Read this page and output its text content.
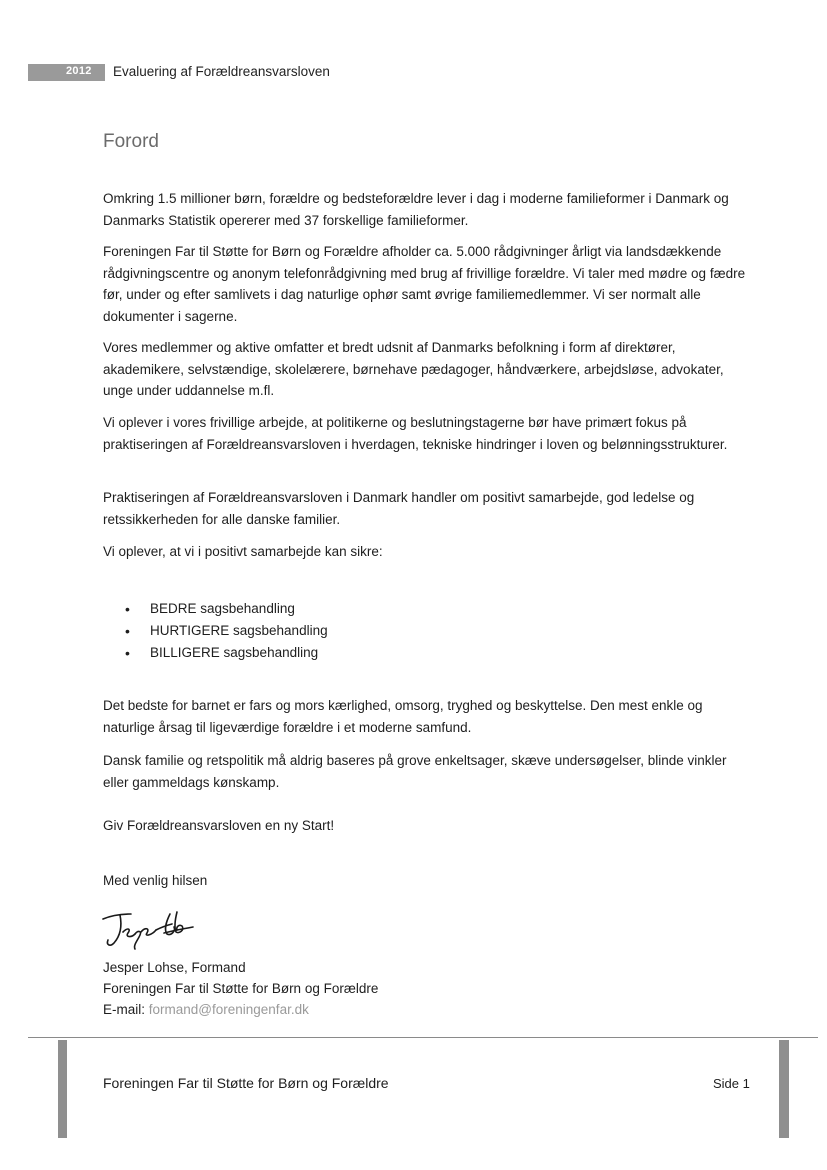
2012	Evaluering af Forældreansvarsloven
Forord

Omkring 1.5 millioner børn, forældre og bedsteforældre lever i dag i moderne familieformer i Danmark og Danmarks Statistik opererer med 37 forskellige familieformer.

Foreningen Far til Støtte for Børn og Forældre afholder ca. 5.000 rådgivninger årligt via landsdækkende rådgivningscentre og anonym telefonrådgivning med brug af frivillige forældre. Vi taler med mødre og fædre før, under og efter samlivets i dag naturlige ophør samt øvrige familiemedlemmer. Vi ser normalt alle dokumenter i sagerne.

Vores medlemmer og aktive omfatter et bredt udsnit af Danmarks befolkning i form af direktører, akademikere, selvstændige, skolelærere, børnehave pædagoger, håndværkere, arbejdsløse, advokater, unge under uddannelse m.fl.

Vi oplever i vores frivillige arbejde, at politikerne og beslutningstagerne bør have primært fokus på praktiseringen af Forældreansvarsloven i hverdagen, tekniske hindringer i loven og belønningsstrukturer.

Praktiseringen af Forældreansvarsloven i Danmark handler om positivt samarbejde, god ledelse og retssikkerheden for alle danske familier.

Vi oplever, at vi i positivt samarbejde kan sikre:

• BEDRE sagsbehandling
• HURTIGERE sagsbehandling
• BILLIGERE sagsbehandling

Det bedste for barnet er fars og mors kærlighed, omsorg, tryghed og beskyttelse. Den mest enkle og naturlige årsag til ligeværdige forældre i et moderne samfund.

Dansk familie og retspolitik må aldrig baseres på grove enkeltsager, skæve undersøgelser, blinde vinkler eller gammeldags kønskamp.

Giv Forældreansvarsloven en ny Start!

Med venlig hilsen

Jesper Lohse, Formand

Foreningen Far til Støtte for Børn og Forældre

E-mail: formand@foreningenfar.dk

Foreningen Far til Støtte for Børn og Forældre	Side 1
